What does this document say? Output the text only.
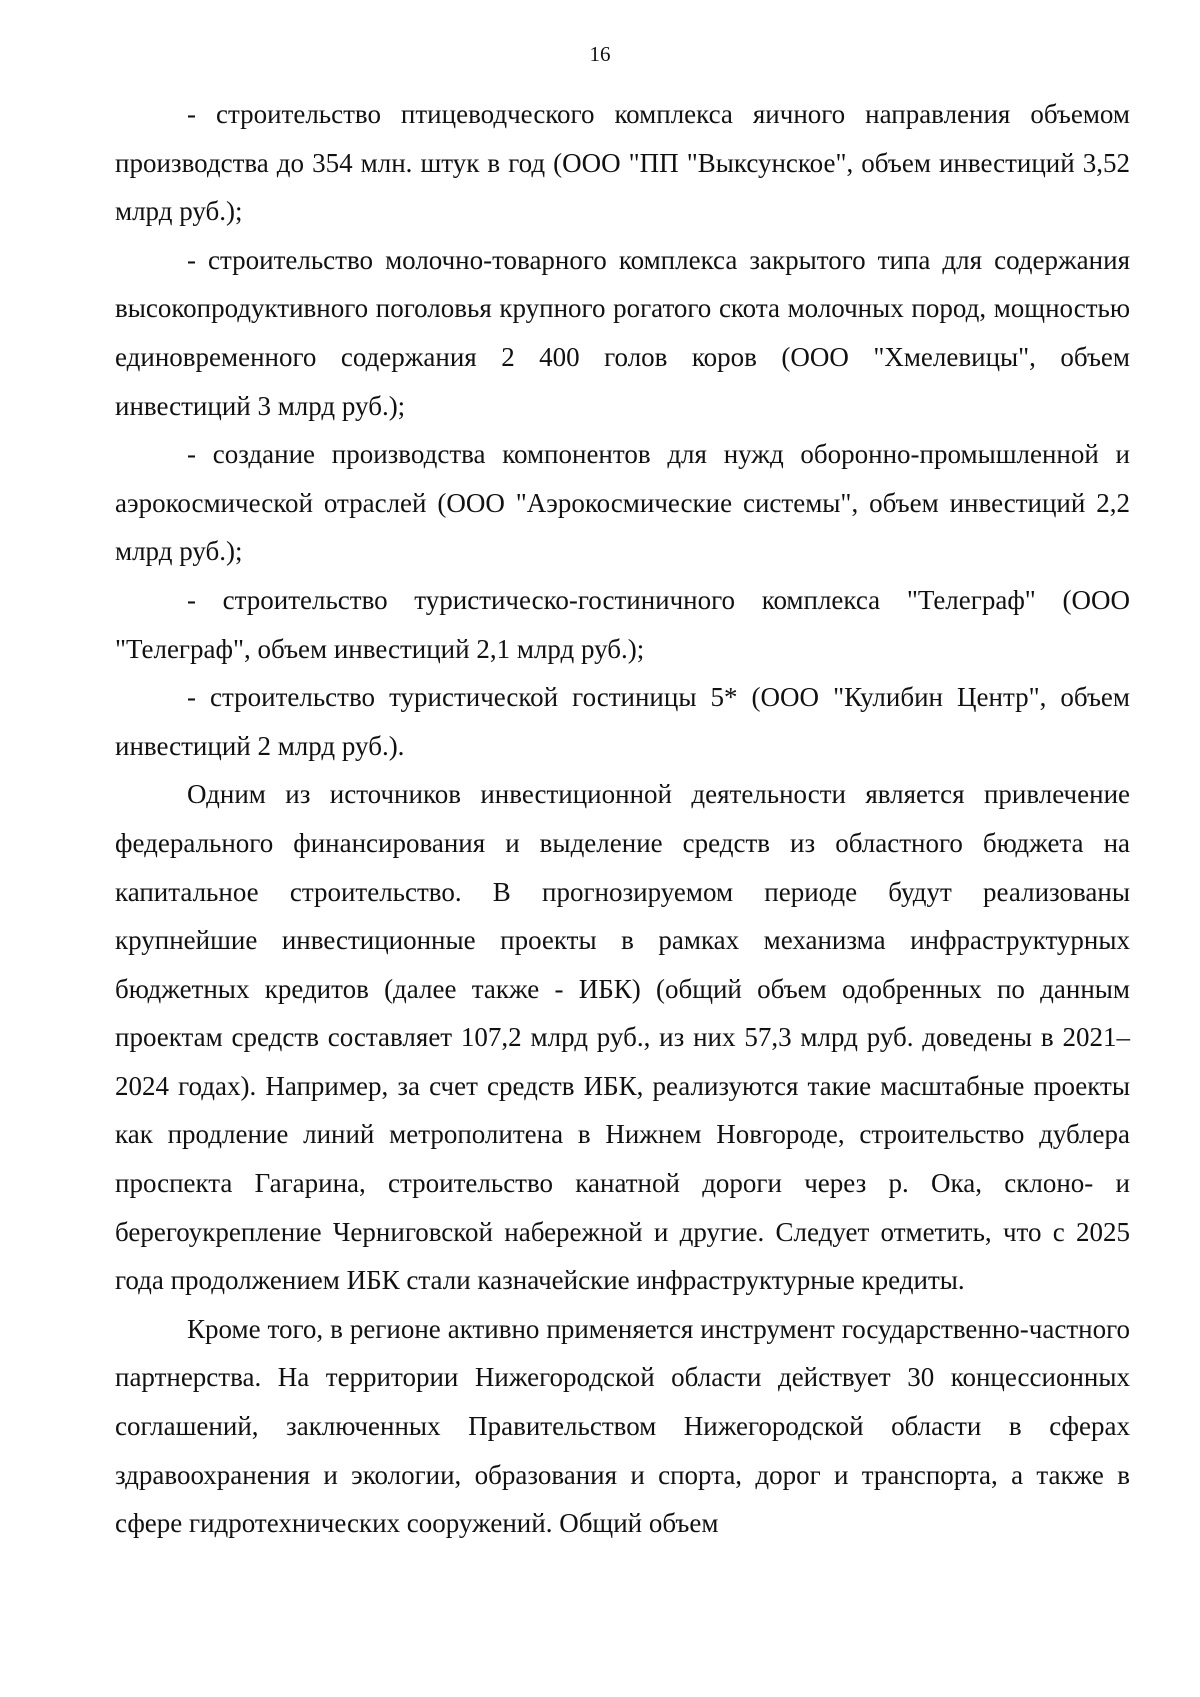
16

- строительство птицеводческого комплекса яичного направления объемом производства до 354 млн. штук в год (ООО "ПП "Выксунское", объем инвестиций 3,52 млрд руб.);

- строительство молочно-товарного комплекса закрытого типа для содержания высокопродуктивного поголовья крупного рогатого скота молочных пород, мощностью единовременного содержания 2 400 голов коров (ООО "Хмелевицы", объем инвестиций 3 млрд руб.);

- создание производства компонентов для нужд оборонно-промышленной и аэрокосмической отраслей (ООО "Аэрокосмические системы", объем инвестиций 2,2 млрд руб.);

- строительство туристическо-гостиничного комплекса "Телеграф" (ООО "Телеграф", объем инвестиций 2,1 млрд руб.);

- строительство туристической гостиницы 5* (ООО "Кулибин Центр", объем инвестиций 2 млрд руб.).

Одним из источников инвестиционной деятельности является привлечение федерального финансирования и выделение средств из областного бюджета на капитальное строительство. В прогнозируемом периоде будут реализованы крупнейшие инвестиционные проекты в рамках механизма инфраструктурных бюджетных кредитов (далее также - ИБК) (общий объем одобренных по данным проектам средств составляет 107,2 млрд руб., из них 57,3 млрд руб. доведены в 2021–2024 годах). Например, за счет средств ИБК, реализуются такие масштабные проекты как продление линий метрополитена в Нижнем Новгороде, строительство дублера проспекта Гагарина, строительство канатной дороги через р. Ока, склоно- и берегоукрепление Черниговской набережной и другие. Следует отметить, что с 2025 года продолжением ИБК стали казначейские инфраструктурные кредиты.

Кроме того, в регионе активно применяется инструмент государственно-частного партнерства. На территории Нижегородской области действует 30 концессионных соглашений, заключенных Правительством Нижегородской области в сферах здравоохранения и экологии, образования и спорта, дорог и транспорта, а также в сфере гидротехнических сооружений. Общий объем
